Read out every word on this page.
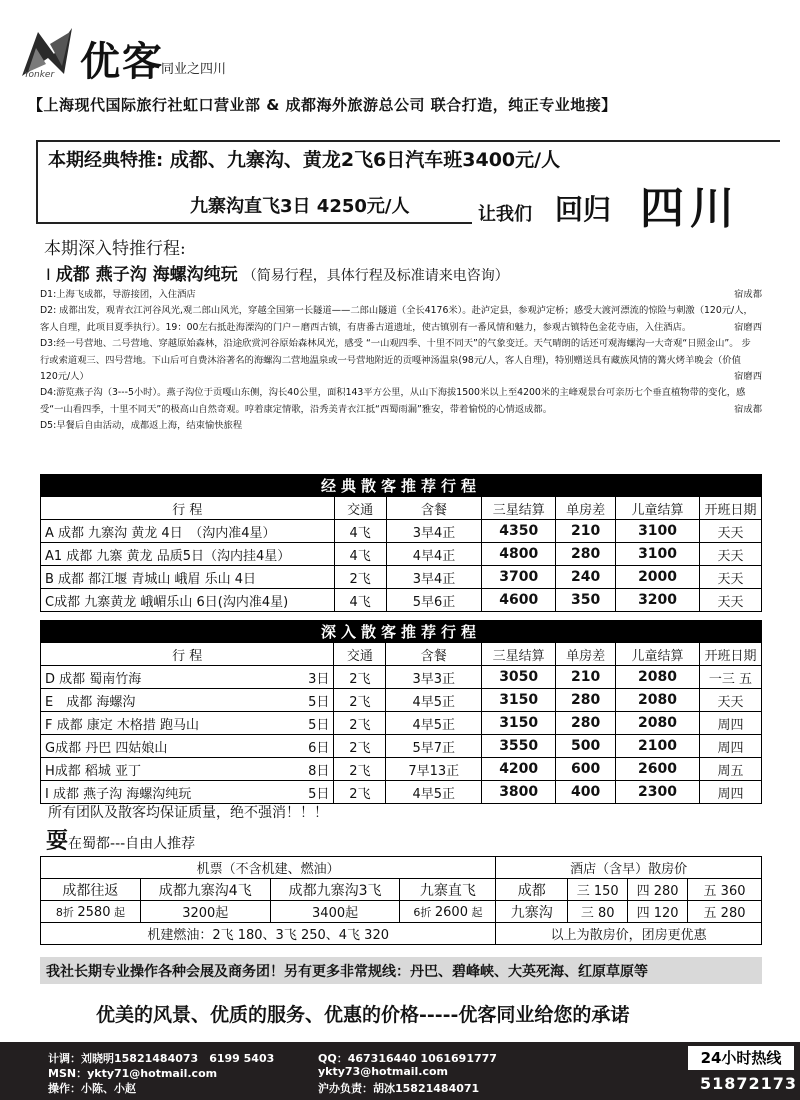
优客
同业之四川
Yonker
【上海现代国际旅行社虹口营业部 & 成都海外旅游总公司 联合打造，纯正专业地接】
本期经典特推: 成都、九寨沟、黄龙2飞6日汽车班3400元/人
九寨沟直飞3日 4250元/人	让我们 回归 四川
本期深入特推行程:
I 成都 燕子沟 海螺沟纯玩 （简易行程，具体行程及标准请来电咨询）
D1:上海飞成都，导游接团，入住酒店	宿成都
D2: 成都出发，观青衣江河谷风光,观二郎山风光，穿越全国第一长隧道——二郎山隧道（全长4176米）。赴泸定县，参观泸定桥；感受大渡河漂流的惊险与刺激（120元/人，客人自理，此项目夏季执行）。19：00左右抵赴海溧沟的门户－磨西古镇，有唐番古道遗址，使古镇别有一番风情和魅力，参观古镇特色金花寺庙，入住酒店。	宿磨西
D3:经一号营地、二号营地、穿越原始森林，沿途欣赏河谷原始森林风光，感受 “一山观四季、十里不同天”的气象变迁。天气晴朗的话还可观海螺沟一大奇观“日照金山”。 步行或索道观三、四号营地。下山后可自费沐浴著名的海螺沟二营地温泉或一号营地附近的贡嘎神汤温泉(98元/人，客人自理)，特别赠送具有藏族风情的篝火烤羊晚会（价值120元/人）	宿磨西
D4:游览燕子沟（3---5小时）。燕子沟位于贡嘎山东侧，沟长40公里，面积143平方公里，从山下海拔1500米以上至4200米的主峰观景台可亲历七个垂直植物带的变化，感受“一山看四季，十里不同天”的极高山自然奇观。哼着康定情歌，沿秀美青衣江抵“西蜀雨漏”雅安，带着愉悦的心情返成都。	宿成都
D5:早餐后自由活动，成都返上海，结束愉快旅程
经典散客推荐行程						
行 程	交通	含餐	三星结算	单房差	儿童结算	开班日期
A 成都 九寨沟 黄龙 4日　（沟内准4星）	4飞	3早4正	4350	210	3100	天天
A1 成都 九寨 黄龙 品质5日（沟内挂4星）	4飞	4早4正	4800	280	3100	天天
B 成都 都江堰 青城山 峨眉 乐山 4日	2飞	3早4正	3700	240	2000	天天
C成都 九寨黄龙 峨嵋乐山 6日(沟内准4星)	4飞	5早6正	4600	350	3200	天天
深入散客推荐行程						
行 程	交通	含餐	三星结算	单房差	儿童结算	开班日期
D 成都 蜀南竹海 3日	2飞	3早3正	3050	210	2080	一三 五
E　成都 海螺沟 5日	2飞	4早5正	3150	280	2080	天天
F 成都 康定 木格措 跑马山 5日	2飞	4早5正	3150	280	2080	周四
G成都 丹巴 四姑娘山 6日	2飞	5早7正	3550	500	2100	周四
H成都 稻城 亚丁 8日	2飞	7早13正	4200	600	2600	周五
I 成都 燕子沟 海螺沟纯玩 5日	2飞	4早5正	3800	400	2300	周四
所有团队及散客均保证质量，绝不强消！！！
耍在蜀都---自由人推荐
机票（不含机建、燃油）				酒店（含早）散房价			
成都往返	成都九寨沟4飞	成都九寨沟3飞	九寨直飞	成都	三 150	四 280	五 360
8折 2580 起	3200起	3400起	6折 2600 起	九寨沟	三 80	四 120	五 280
机建燃油：2飞 180、3飞 250、4飞 320				以上为散房价，团房更优惠			
我社长期专业操作各种会展及商务团！另有更多非常规线：丹巴、碧峰峡、大英死海、红原草原等
优美的风景、优质的服务、优惠的价格-----优客同业给您的承诺
计调：刘晓明15821484073　6199 5403
MSN：ykty71@hotmail.com
操作：小陈、小赵
QQ：467316440 1061691777
ykty73@hotmail.com
沪办负责：胡冰15821484071
24小时热线
51872173
